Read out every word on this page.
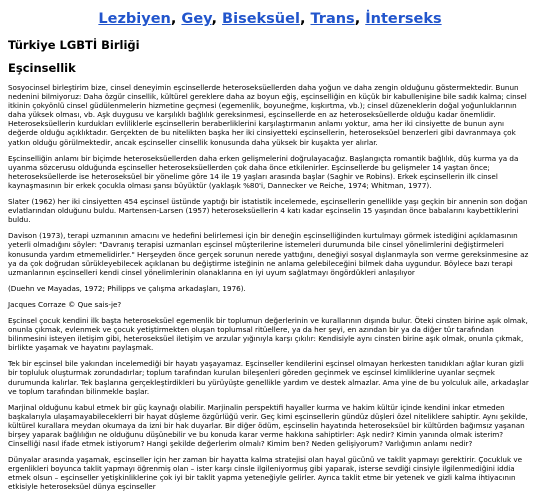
Lezbiyen, Gey, Biseksüel, Trans, İnterseks
Türkiye LGBTİ Birliği
Eşcinsellik

Sosyocinsel birleştirim bize, cinsel deneyimin eşcinsellerde heteroseksüellerden daha yoğun ve daha zengin olduğunu göstermektedir. Bunun nedenini bilmiyoruz: Daha özgür cinsellik, kültürel gereklere daha az boyun eğiş, eşcinselliğin en küçük bir kabullenişine bile sadık kalma; cinsel itkinin çokyönlü cinsel güdülenmelerin hizmetine geçmesi (egemenlik, boyuneğme, kışkırtma, vb.); cinsel düzeneklerin doğal yoğunluklarının daha yüksek olması, vb. Aşk duygusu ve karşılıklı bağlılık gereksinmesi, eşcinsellerde en az heteroseksüellerde olduğu kadar önemlidir. Heteroseksüellerin kurdukları evliliklerle eşcinsellerin beraberliklerini karşılaştırmanın anlamı yoktur, ama her iki cinsiyette de bunun aynı değerde olduğu açıklıktadır. Gerçekten de bu nitelikten başka her iki cinsiyetteki eşcinsellerin, heteroseksüel benzerleri gibi davranmaya çok yatkın olduğu görülmektedir, ancak eşcinseller cinsellik konusunda daha yüksek bir kuşakta yer alırlar.

Eşcinselliğin anlamı bir biçimde heteroseksüellerden daha erken gelişmelerini doğrulayacağız. Başlangıçta romantik bağlılık, düş kurma ya da uyanma sözcerusu olduğunda eşcinseller heteroseksüellerden çok daha önce etkilenirler. Eşcinsellerde bu gelişmeler 14 yaştan önce; heteroseksüellerde ise heteroseksüel bir yönelime göre 14 ile 19 yaşları arasında başlar (Saghir ve Robins). Erkek eşcinsellerin ilk cinsel kaynaşmasının bir erkek çocukla olması şansı büyüktür (yaklaşık %80'i, Dannecker ve Reiche, 1974; Whitman, 1977).

Slater (1962) her iki cinsiyetten 454 eşcinsel üstünde yaptığı bir istatistik incelemede, eşcinsellerin genellikle yaşı geçkin bir annenin son doğan evlatlarından olduğunu buldu. Martensen-Larsen (1957) heteroseksüellerin 4 katı kadar eşcinselin 15 yaşından önce babalarını kaybettiklerini buldu.

Davison (1973), terapi uzmanının amacını ve hedefini belirlemesi için bir deneğin eşcinselliğinden kurtulmayı görmek istediğini açıklamasının yeterli olmadığını söyler: "Davranış terapisi uzmanları eşcinsel müşterilerine istemeleri durumunda bile cinsel yönelimlerini değiştirmeleri konusunda yardım etmemelidirler." Herşeyden önce gerçek sorunun nerede yattığını, deneğiyi sosyal dışlanmayla son verme gereksinmesine az ya da çok doğrudan sürükleyebilecek açıklanan bu değiştirme isteğinin ne anlama gelebileceğini bilmek daha uygundur. Böylece bazı terapi uzmanlarının eşcinselleri kendi cinsel yönelimlerinin olanaklarına en iyi uyum sağlatmayı öngördükleri anlaşılıyor

(Duehn ve Mayadas, 1972; Philipps ve çalışma arkadaşları, 1976).

Jacques Corraze © Que sais-je?

Eşcinsel çocuk kendini ilk başta heteroseksüel egemenlik bir toplumun değerlerinin ve kurallarının dışında bulur. Öteki cinsten birine aşık olmak, onunla çıkmak, evlenmek ve çocuk yetiştirmekten oluşan toplumsal ritüellere, ya da her şeyi, en azından bir ya da diğer tür tarafından bilinmesini isteyen iletişim gibi, heteroseksüel iletişim ve arzular yığınıyla karşı çıkılır: Kendisiyle aynı cinsten birine aşık olmak, onunla çıkmak, birlikte yaşamak ve hayatını paylaşmak.

Tek bir eşcinsel bile yakından incelemediği bir hayatı yaşayamaz. Eşcinseller kendilerini eşcinsel olmayan herkesten tanıdıkları ağlar kuran gizli bir topluluk oluşturmak zorundadırlar; toplum tarafından kurulan bileşenleri göreden geçinmek ve eşcinsel kimliklerine uyanlar seçmek durumunda kalırlar. Tek başlarına gerçekleştirdikleri bu yürüyüşte genellikle yardım ve destek almazlar. Ama yine de bu yolculuk aile, arkadaşlar ve toplum tarafından bilinmekle başlar.

Marjinal olduğunu kabul etmek bir güç kaynağı olabilir. Marjinalin perspektifi hayaller kurma ve hakim kültür içinde kendini inkar etmeden başkalarıyla ulaşamayabileceklerri bir hayat düşleme özgürlüğü verir. Geç kimi eşcinsellerin gündüz düşleri özel niteliklere sahiptir. Aynı şekilde, kültürel kurallara meydan okumaya da izni bir hak duyarlar. Bir diğer ödüm, eşcinselin hayatında heteroseksüel bir kültürden bağımsız yaşanan birşey yaparak bağlılığın ne olduğunu düşünebilir ve bu konuda karar verme hakkına sahiptirler: Aşk nedir? Kimin yanında olmak isterim? Cinselliği nasıl ifade etmek istiyorum? Hangi şekilde değerlerim olmalı? Kimim ben? Neden gelişiyorum? Varlığımın anlamı nedir?

Dünyalar arasında yaşamak, eşcinseller için her zaman bir hayatta kalma stratejisi olan hayal gücünü ve taklit yapmayı gerektirir. Çocukluk ve ergenlikleri boyunca taklit yapmayı öğrenmiş olan – ister karşı cinsle ilgileniyormuş gibi yaparak, isterse sevdiği cinsiyle ilgilenmediğini iddia etmek olsun – eşcinseller yetişkinliklerine çok iyi bir taklit yapma yeteneğiyle gelirler. Ayrıca taklit etme bir yetenek ve gizli kalma ihtiyacının etkisiyle heteroseksüel dünya eşcinseller
